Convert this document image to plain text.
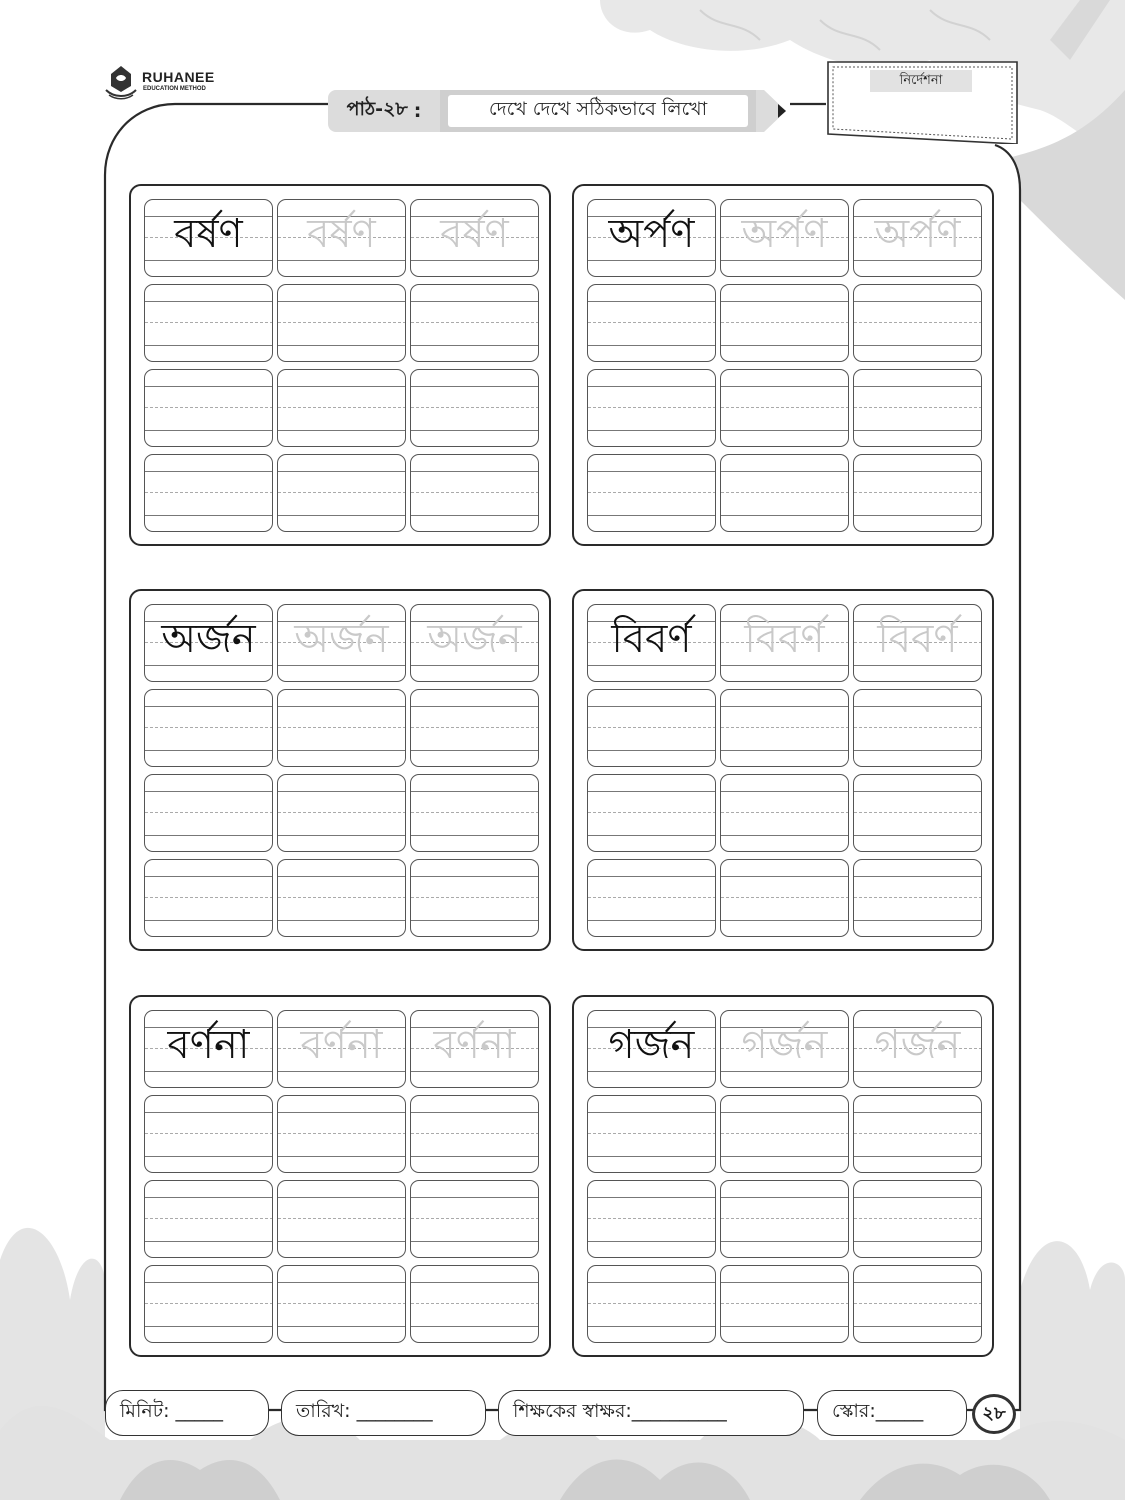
RUHANEE
EDUCATION METHOD
পাঠ-২৮ :	দেখে দেখে সঠিকভাবে লিখো
নির্দেশনা
বর্ষণ	বর্ষণ	বর্ষণ	অর্পণ	অর্পণ	অর্পণ
অর্জন অর্জন অর্জন	বিবর্ণ	বিবর্ণ	বিবর্ণ
বর্ণনা	বর্ণনা	বর্ণনা	গর্জন	গর্জন	গর্জন
মিনিট: _____	তারিখ: ________	শিক্ষকের স্বাক্ষর:__________	স্কোর:_____	২৮
